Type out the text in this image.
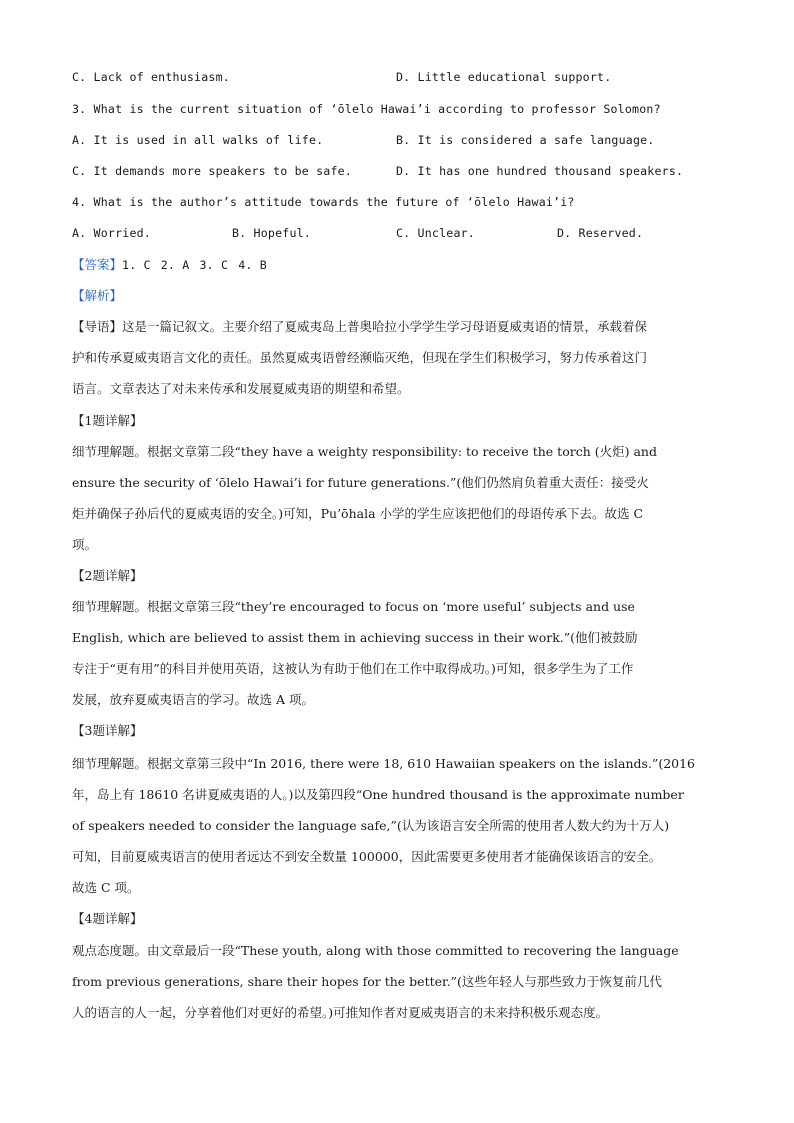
C. Lack of enthusiasm.	D. Little educational support.

3. What is the current situation of ‘ōlelo Hawai’i according to professor Solomon?

A. It is used in all walks of life.	B. It is considered a safe language.

C. It demands more speakers to be safe.	D. It has one hundred thousand speakers.

4. What is the author’s attitude towards the future of ‘ōlelo Hawai’i?

A. Worried.	B. Hopeful.	C. Unclear.	D. Reserved.

【答案】1. C 2. A 3. C 4. B

【解析】

【导语】这是一篇记叙文。主要介绍了夏威夷岛上普奥哈拉小学学生学习母语夏威夷语的情景，承载着保

护和传承夏威夷语言文化的责任。虽然夏威夷语曾经濒临灭绝，但现在学生们积极学习，努力传承着这门

语言。文章表达了对未来传承和发展夏威夷语的期望和希望。

【1题详解】

细节理解题。根据文章第二段“they have a weighty responsibility: to receive the torch (火炬) and

ensure the security of ‘ōlelo Hawai’i for future generations.”(他们仍然肩负着重大责任：接受火

炬并确保子孙后代的夏威夷语的安全。)可知，Pu’ōhala 小学的学生应该把他们的母语传承下去。故选 C

项。

【2题详解】

细节理解题。根据文章第三段“they’re encouraged to focus on ‘more useful’ subjects and use

English, which are believed to assist them in achieving success in their work.”(他们被鼓励

专注于“更有用”的科目并使用英语，这被认为有助于他们在工作中取得成功。)可知，很多学生为了工作

发展，放弃夏威夷语言的学习。故选 A 项。

【3题详解】

细节理解题。根据文章第三段中“In 2016, there were 18, 610 Hawaiian speakers on the islands.”(2016

年，岛上有 18610 名讲夏威夷语的人。)以及第四段“One hundred thousand is the approximate number

of speakers needed to consider the language safe,”(认为该语言安全所需的使用者人数大约为十万人)

可知，目前夏威夷语言的使用者远达不到安全数量 100000，因此需要更多使用者才能确保该语言的安全。

故选 C 项。

【4题详解】

观点态度题。由文章最后一段“These youth, along with those committed to recovering the language

from previous generations, share their hopes for the better.”(这些年轻人与那些致力于恢复前几代

人的语言的人一起，分享着他们对更好的希望。)可推知作者对夏威夷语言的未来持积极乐观态度。
